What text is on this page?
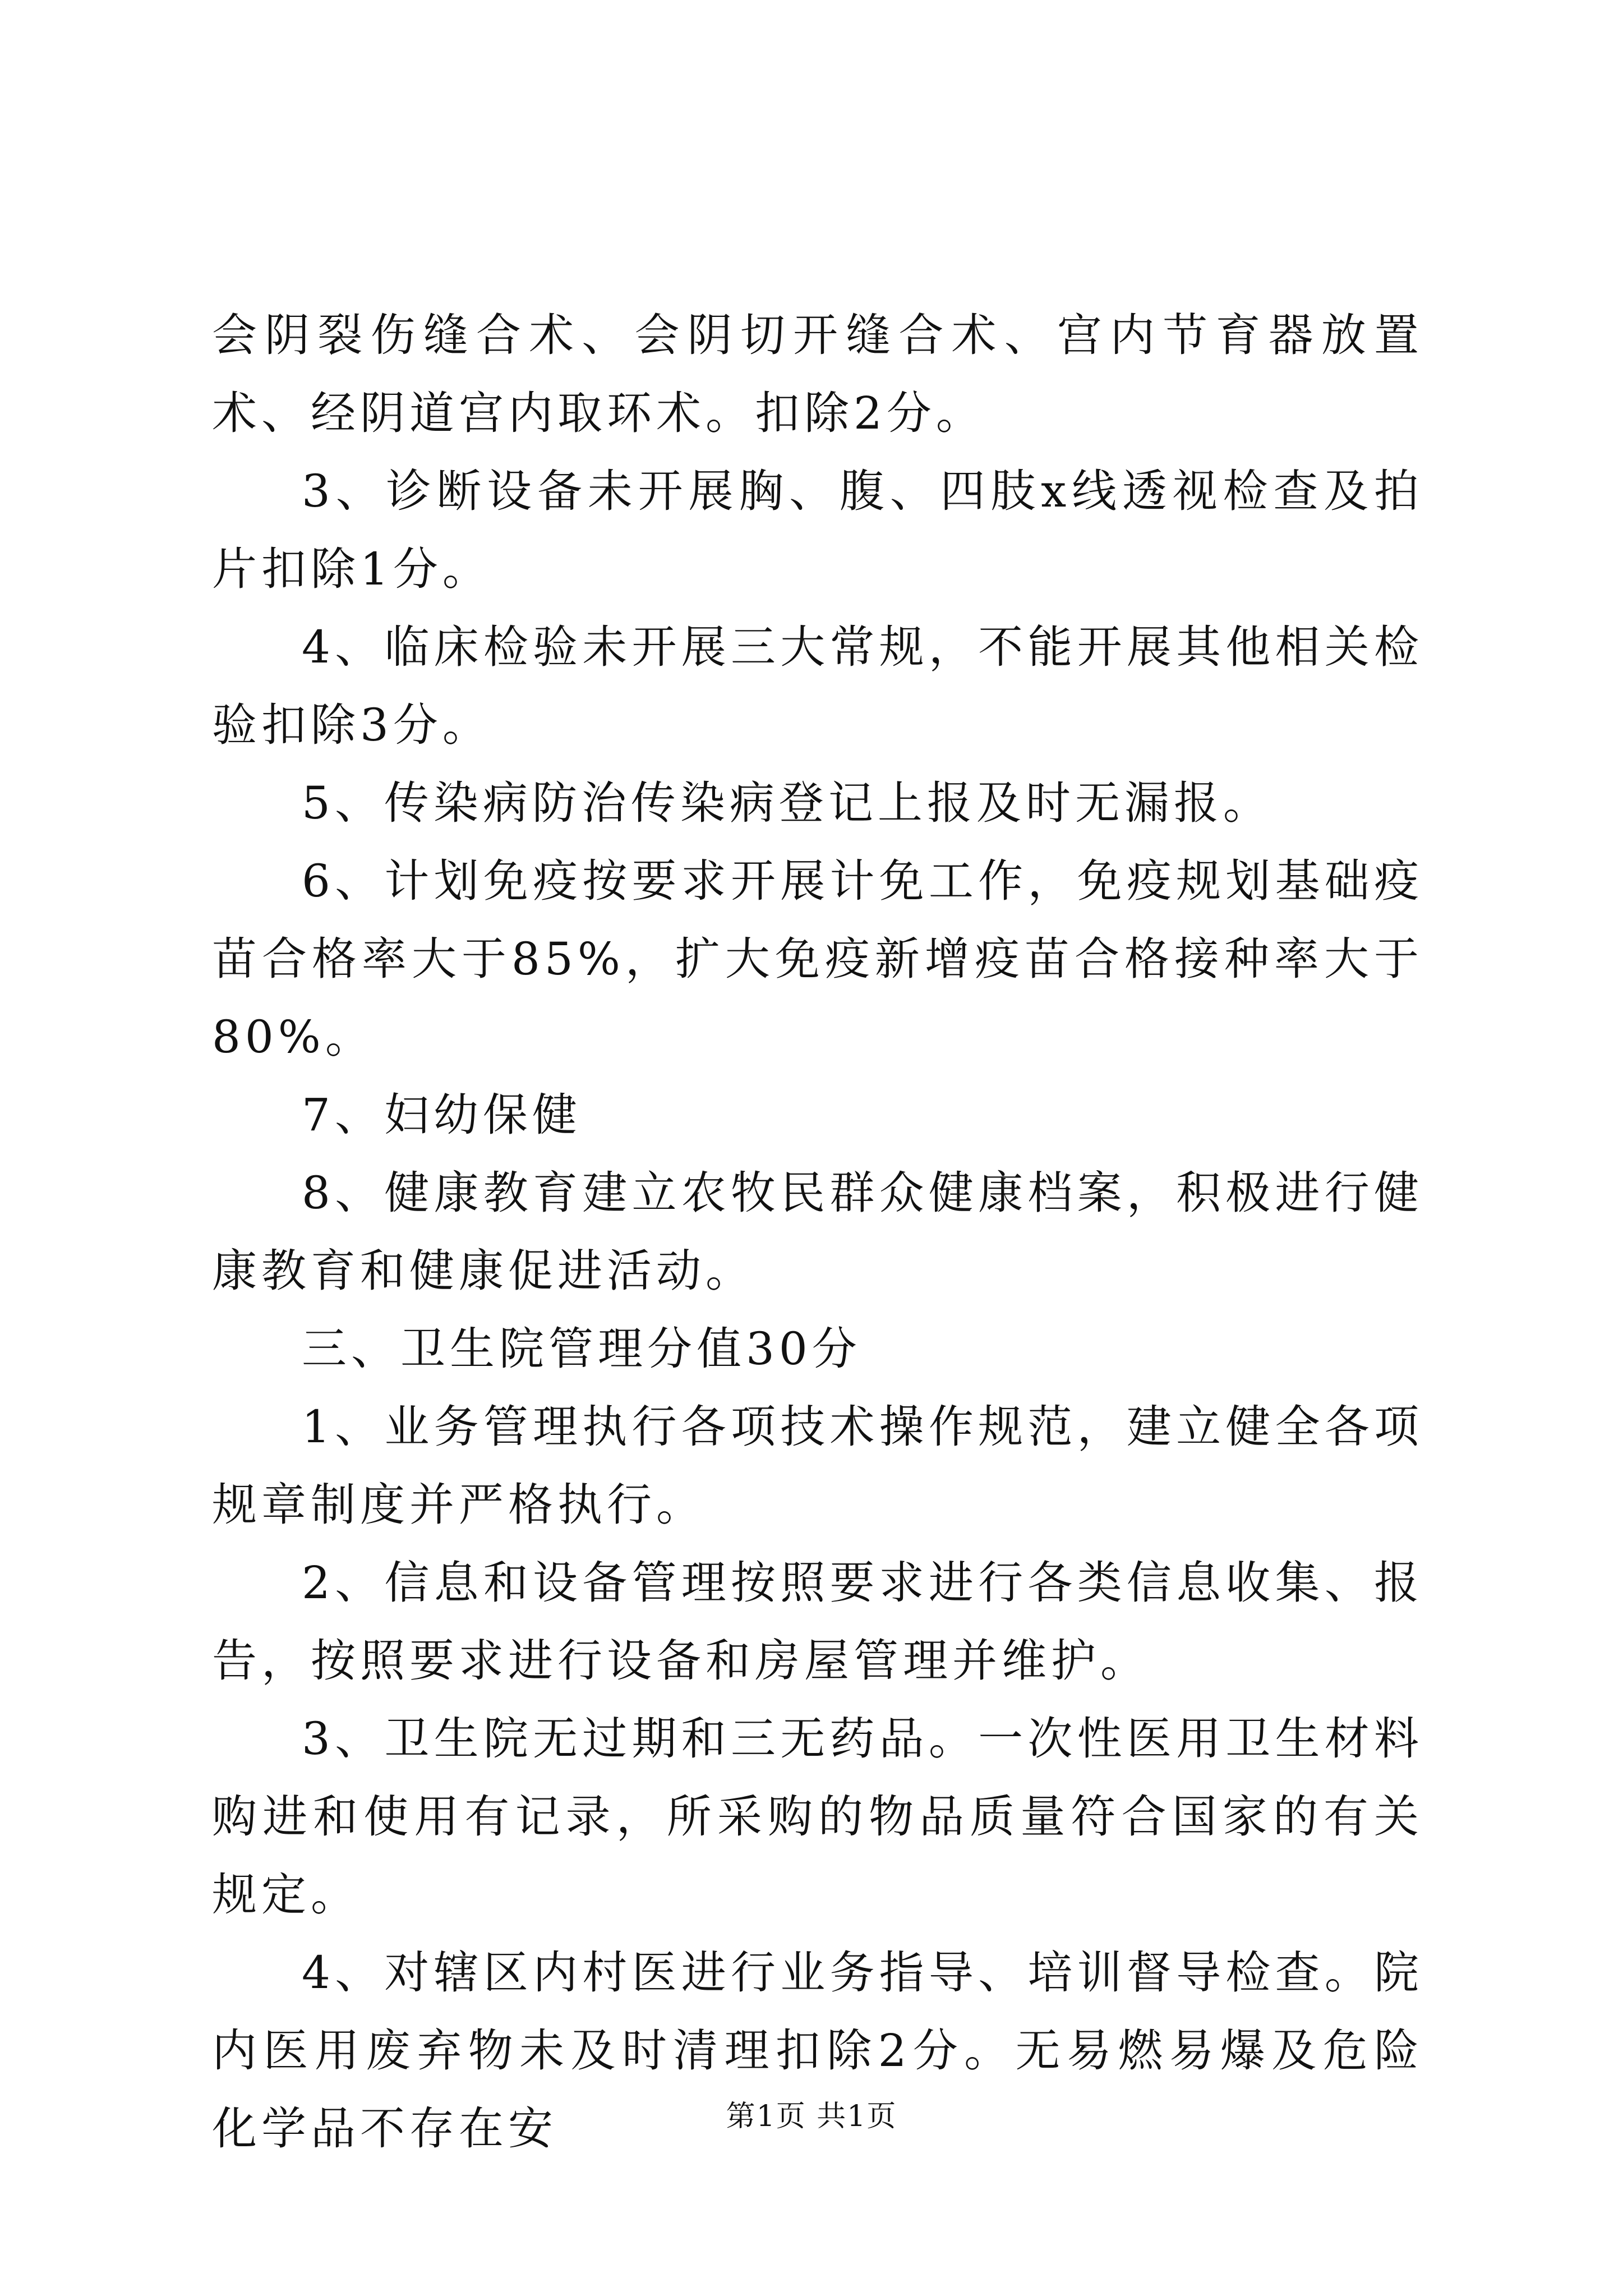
会阴裂伤缝合术、会阴切开缝合术、宫内节育器放置术、经阴道宫内取环术。扣除2分。

3、诊断设备未开展胸、腹、四肢x线透视检查及拍片扣除1分。

4、临床检验未开展三大常规，不能开展其他相关检验扣除3分。

5、传染病防治传染病登记上报及时无漏报。

6、计划免疫按要求开展计免工作，免疫规划基础疫苗合格率大于85%，扩大免疫新增疫苗合格接种率大于80%。

7、妇幼保健

8、健康教育建立农牧民群众健康档案，积极进行健康教育和健康促进活动。

三、卫生院管理分值30分

1、业务管理执行各项技术操作规范，建立健全各项规章制度并严格执行。

2、信息和设备管理按照要求进行各类信息收集、报告，按照要求进行设备和房屋管理并维护。

3、卫生院无过期和三无药品。一次性医用卫生材料购进和使用有记录，所采购的物品质量符合国家的有关规定。

4、对辖区内村医进行业务指导、培训督导检查。院内医用废弃物未及时清理扣除2分。无易燃易爆及危险化学品不存在安	第1页 共1页
